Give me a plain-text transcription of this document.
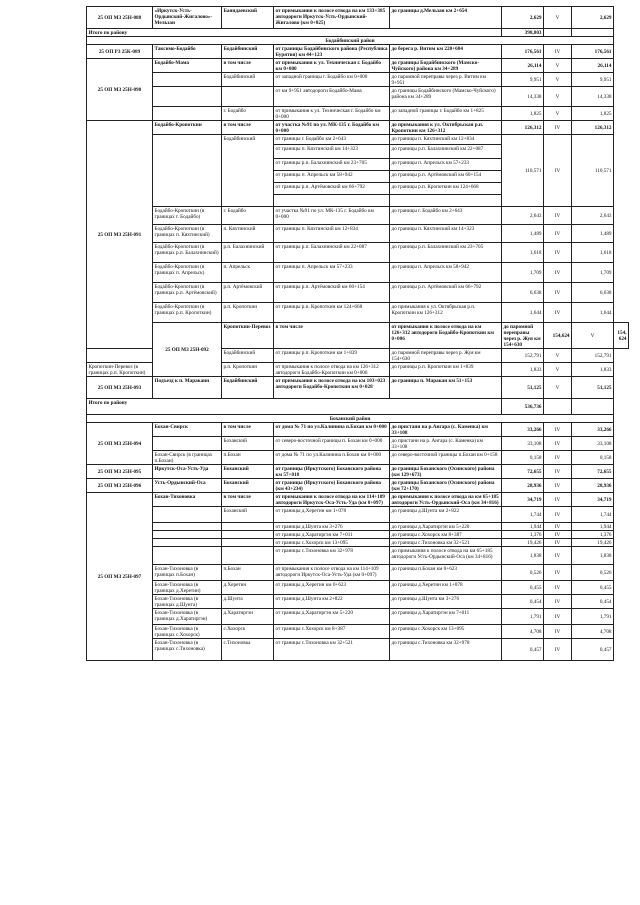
25 ОП МЗ 25Н-088	«Иркутск-Усть-Ордынский-Жигалово»-Мельзан	Баяндаевский	от примыкания к полосе отвода на км 133+385 автодороги Иркутск-Усть-Ордынский-Жигалово (км 0+025)	до границы д.Мельзан км 2+654	2,629	V	2,629	
Итого по району					398,803			
Бодайбинский район								
25 ОП Р3 25К-089	Таксимо-Бодайбо	Бодайбинский	от границы Бодайбинского района (Республика Бурятия) км 44+123	до берега р. Витим км 220+684	176,561	IV	176,561	
25 ОП МЗ 25Н-090	Бодайбо-Мама	в том числе	от примыкания к ул. Техническая г. Бодайбо км 0+000	до границы Бодайбинского (Мамско-Чуйского) района км 34+289	26,114	V	26,114	
		Бодайбинский	от западной границы г. Бодайбо км 0+000	до паромной переправы через р. Витим км 9+951	9,951	V	9,951	
			от км 9+951 автодороги Бодайбо-Мама	до границы Бодайбинского (Мамско-Чуйского) района км 34+289	14,338	V	14,338	
		г. Бодайбо	от примыкания к ул. Техническая г. Бодайбо км 0+000	до западной границы г. Бодайбо км 1+825	1,825	V	1,825	
25 ОП МЗ 25Н-091	Бодайбо-Кропоткин	в том числе	от участка №91 по ул. МК-135 г. Бодайбо км 0+000	до примыкания к ул. Октябрьская р.п. Кропоткин км 126+312	126,312	IV	126,312	
		Бодайбинский	от границы г. Бодайбо км 2+643	до границы п. Кяхтинский км 12+834	110,571	IV	110,571	
			от границы п. Кяхтинский км 14+323	до границы р.п. Балахнинский км 22+087				
			от границы р.п. Балахнинский км 23+705	до границы п. Апрельск км 57+233				
			от границы п. Апрельск км 58+942	до границы р.п. Артёмовский км 60+154				
			от границы р.п. Артёмовский км 66+792	до границы р.п. Кропоткин км 124+668				

	Бодайбо-Кропоткин (в границах г. Бодайбо)	г. Бодайбо	от участка №91 по ул. МК-135 г. Бодайбо км 0+000	до границы г. Бодайбо км 2+643	2,643	IV	2,643	
	Бодайбо-Кропоткин (в границах п. Кяхтинский)	п. Кяхтинский	от границы п. Кяхтинский км 12+834	до границы п. Кяхтинский км 14+323	1,489	IV	1,489	
	Бодайбо-Кропоткин (в границах р.п. Балахнинский)	р.п. Балахнинский	от границы р.п. Балахнинский км 22+087	до границы р.п. Балахнинский км 23+705	1,618	IV	1,618	
	Бодайбо-Кропоткин (в границах п. Апрельск)	п. Апрельск	от границы п. Апрельск км 57+233	до границы п. Апрельск км 58+942	1,709	IV	1,709	
	Бодайбо-Кропоткин (в границах р.п. Артёмовский)	р.п. Артёмовский	от границы р.п. Артёмовский км 60+154	до границы р.п. Артёмовский км 66+792	6,638	IV	6,638	
	Бодайбо-Кропоткин (в границах р.п. Кропоткин)	р.п. Кропоткин	от границы р.п. Кропоткин км 124+668	до примыкания к ул. Октябрьская р.п. Кропоткин км 126+312	1,644	IV	1,644	
	25 ОП МЗ 25Н-092	Кропоткин-Перевоз	в том числе	от примыкания к полосе отвода на км 126+312 автодороги Бодайбо-Кропоткин км 0+006	до паромной переправы через р. Жуя км 154+630	154,624	V	154,624
		Бодайбинский	от границы р.п. Кропоткин км 1+839	до паромной переправы через р. Жуя км 154+630	152,791	V	152,791	
Кропоткин-Перевоз (в границах р.п. Кропоткин)		р.п. Кропоткин	от примыкания к полосе отвода на км 126+312 автодороги Бодайбо-Кропоткин км 0+006	до границы р.п. Кропоткин км 1+839	1,833	V	1,833	
25 ОП МЗ 25Н-093	Подъезд к п. Мараканн	Бодайбинский	от примыкания к полосе отвода на км 103+023 автодороги Бодайбо-Кропоткин км 0+028	до границы п. Маракан км 51+153	51,125	V	51,125	
Итого по району					536,736			
Боханский район								
25 ОП МЗ 25Н-094	Бохан-Свирск	в том числе	от дома № 71 по ул.Калинина п.Бохан км 0+000	до пристани на р.Ангара (с. Каменка) км 33+108	33,266	IV	33,266	
		Боханский	от северо-восточной границы п. Бохан км 0+000	до пристани на р. Ангара (с. Каменка) км 33+108	33,108	IV	33,108	
	Бохан-Свирск (в границах п.Бохан)	п.Бохан	от дома № 71 по ул.Калинина п.Бохан км 0+000	до северо-восточной границы п.Бохан км 0+158	0,158	IV	0,158	
25 ОП МЗ 25Н-095	Иркутск-Оса-Усть-Уда	Боханский	от границы (Иркутского) Боханского района км 57+018	до границы Боханского (Осинского) района (км 129+673)	72,655	IV	72,655	
25 ОП МЗ 25Н-096	Усть-Ордынский-Оса	Боханский	от границы (Иркутского) Боханского района (км 43+234)	до границы Боханского (Осинского) района (км 72+170)	28,936	IV	28,936	
25 ОП МЗ 25Н-097	Бохан-Тихоновка	в том числе	от примыкания к полосе отвода на км 114+109 автодороги Иркутск-Оса-Усть-Уда (км 0+097)	до примыкания к полосе отвода на км 65+185 автодороги Усть-Ордынский-Оса (км 34+816)	34,719	IV	34,719	
		Боханский	от границы д.Херетин км 1+078	до границы д.Шунта км 2+822	1,744	IV	1,744	
			от границы д.Шунта км 3+276	до границы д.Харатиргэн км 5+220	1,944	IV	1,944	
			от границы д.Харатиргэн км 7+011	до границы с.Хохорск км 8+387	1,376	IV	1,376	
			от границы с.Хохорск км 13+095	до границы с.Тихоновка км 32+521	19,426	IV	19,426	
			от границы с.Тихоновка км 32+978	до примыкания к полосе отвода на км 65+185 автодороги Усть-Ордынский-Оса (км 34+816)	1,838	IV	1,838	
	Бохан-Тихоновка (в границах п.Бохан)	п.Бохан	от примыкания к полосе отвода на км 114+109 автодороги Иркутск-Оса-Усть-Уда (км 0+097)	до границы п.Бохан км 0+623	0,526	IV	0,526	
	Бохан-Тихоновка (в границах д.Херетин)	д.Херетин	от границы д.Херетин км 0+623	до границы д.Херетин км 1+078	0,455	IV	0,455	
	Бохан-Тихоновка (в границах д.Шунта)	д.Шунта	от границы д.Шунта км 2+822	до границы д.Шунта км 3+276	0,454	IV	0,454	
	Бохан-Тихоновка (в границах д.Харатиргэн)	д.Харатиргэн	от границы д.Харатиргэн км 5+220	до границы д.Харатиргэн км 7+011	1,791	IV	1,791	
	Бохан-Тихоновка (в границах с.Хохорск)	с.Хохорск	от границы с.Хохорск км 8+387	до границы с.Хохорск км 13+095	4,708	IV	4,708	
	Бохан-Тихоновка (в границах с.Тихоновка)	с.Тихоновка	от границы с.Тихоновка км 32+521	до границы с.Тихоновка км 32+978	0,457	IV	0,457	
